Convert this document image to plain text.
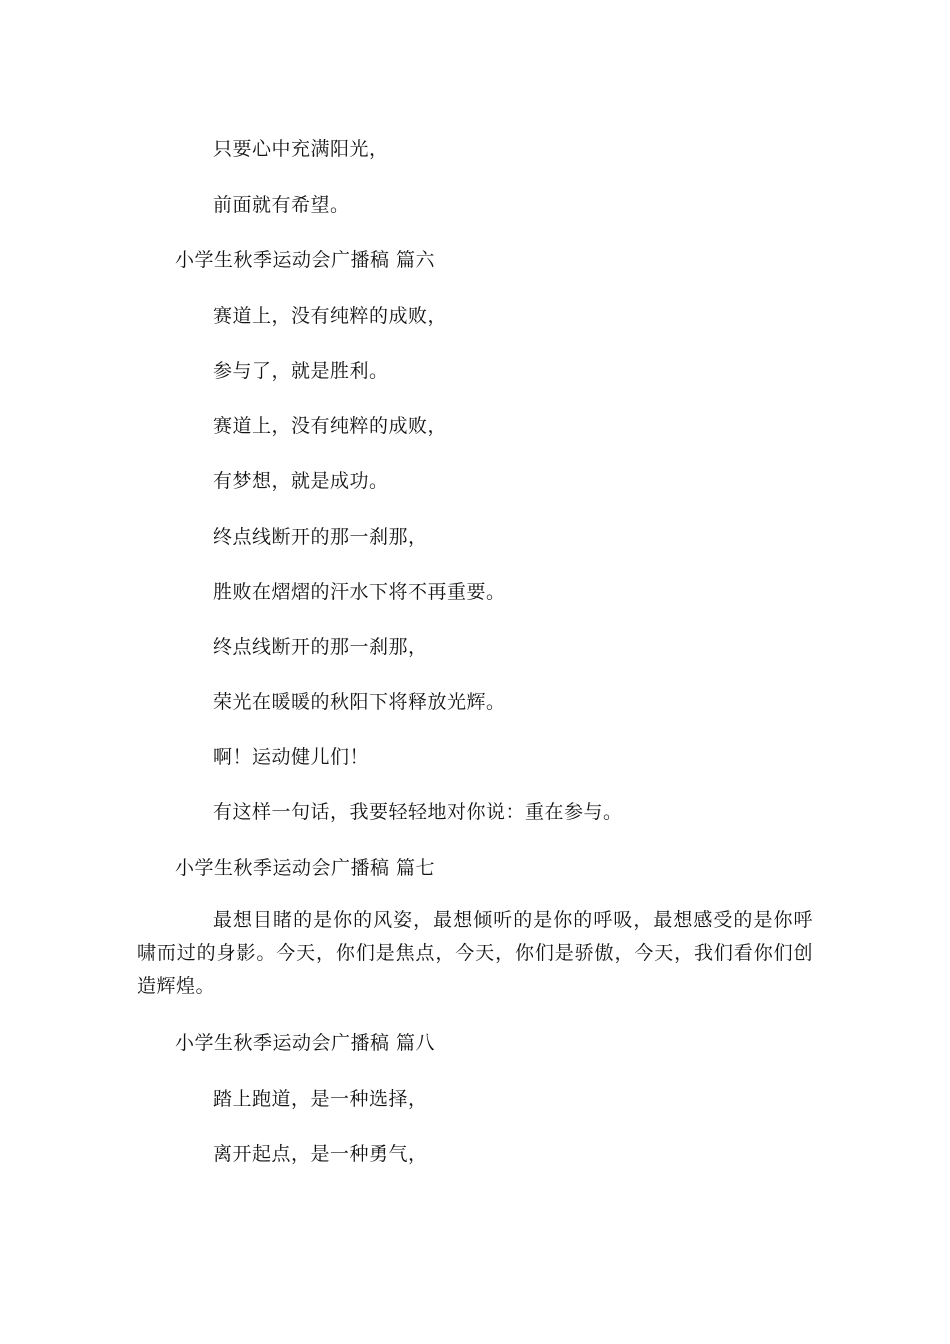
只要心中充满阳光，
前面就有希望。
小学生秋季运动会广播稿 篇六
赛道上，没有纯粹的成败，
参与了，就是胜利。
赛道上，没有纯粹的成败，
有梦想，就是成功。
终点线断开的那一刹那，
胜败在熠熠的汗水下将不再重要。
终点线断开的那一刹那，
荣光在暖暖的秋阳下将释放光辉。
啊！运动健儿们！
有这样一句话，我要轻轻地对你说：重在参与。
小学生秋季运动会广播稿 篇七

最想目睹的是你的风姿，最想倾听的是你的呼吸，最想感受的是你呼啸而过的身影。今天，你们是焦点，今天，你们是骄傲，今天，我们看你们创造辉煌。

小学生秋季运动会广播稿 篇八
踏上跑道，是一种选择，
离开起点，是一种勇气，
